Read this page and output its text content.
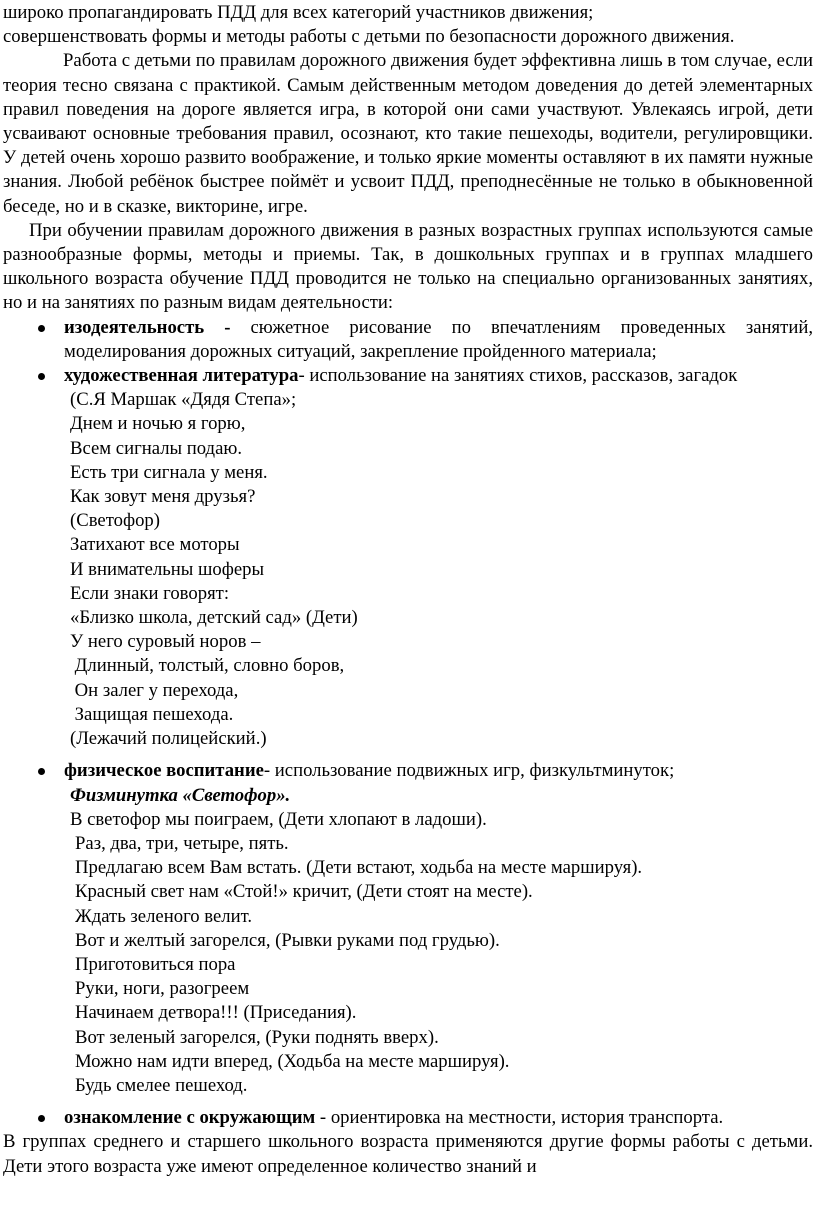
широко пропагандировать ПДД для всех категорий участников движения;

совершенствовать формы и методы работы с детьми по безопасности дорожного движения.

Работа с детьми по правилам дорожного движения будет эффективна лишь в том случае, если теория тесно связана с практикой. Самым действенным методом доведения до детей элементарных правил поведения на дороге является игра, в которой они сами участвуют. Увлекаясь игрой, дети усваивают основные требования правил, осознают, кто такие пешеходы, водители, регулировщики. У детей очень хорошо развито воображение, и только яркие моменты оставляют в их памяти нужные знания. Любой ребёнок быстрее поймёт и усвоит ПДД, преподнесённые не только в обыкновенной беседе, но и в сказке, викторине, игре.

При обучении правилам дорожного движения в разных возрастных группах используются самые разнообразные формы, методы и приемы. Так, в дошкольных группах и в группах младшего школьного возраста обучение ПДД проводится не только на специально организованных занятиях, но и на занятиях по разным видам деятельности:

изодеятельность - сюжетное рисование по впечатлениям проведенных занятий, моделирования дорожных ситуаций, закрепление пройденного материала;
художественная литература- использование на занятиях стихов, рассказов, загадок
(С.Я Маршак «Дядя Степа»;
Днем и ночью я горю,
Всем сигналы подаю.
Есть три сигнала у меня.
Как зовут меня друзья?
(Светофор)
Затихают все моторы
И внимательны шоферы
Если знаки говорят:
«Близко школа, детский сад» (Дети)
У него суровый норов –
Длинный, толстый, словно боров,
Он залег у перехода,
Защищая пешехода.
(Лежачий полицейский.)
физическое воспитание- использование подвижных игр, физкультминуток;
Физминутка «Светофор».
В светофор мы поиграем, (Дети хлопают в ладоши).
Раз, два, три, четыре, пять.
Предлагаю всем Вам встать. (Дети встают, ходьба на месте маршируя).
Красный свет нам «Стой!» кричит, (Дети стоят на месте).
Ждать зеленого велит.
Вот и желтый загорелся, (Рывки руками под грудью).
Приготовиться пора
Руки, ноги, разогреем
Начинаем детвора!!! (Приседания).
Вот зеленый загорелся, (Руки поднять вверх).
Можно нам идти вперед, (Ходьба на месте маршируя).
Будь смелее пешеход.
ознакомление с окружающим - ориентировка на местности, история транспорта.

В группах среднего и старшего школьного возраста применяются другие формы работы с детьми. Дети этого возраста уже имеют определенное количество знаний и
